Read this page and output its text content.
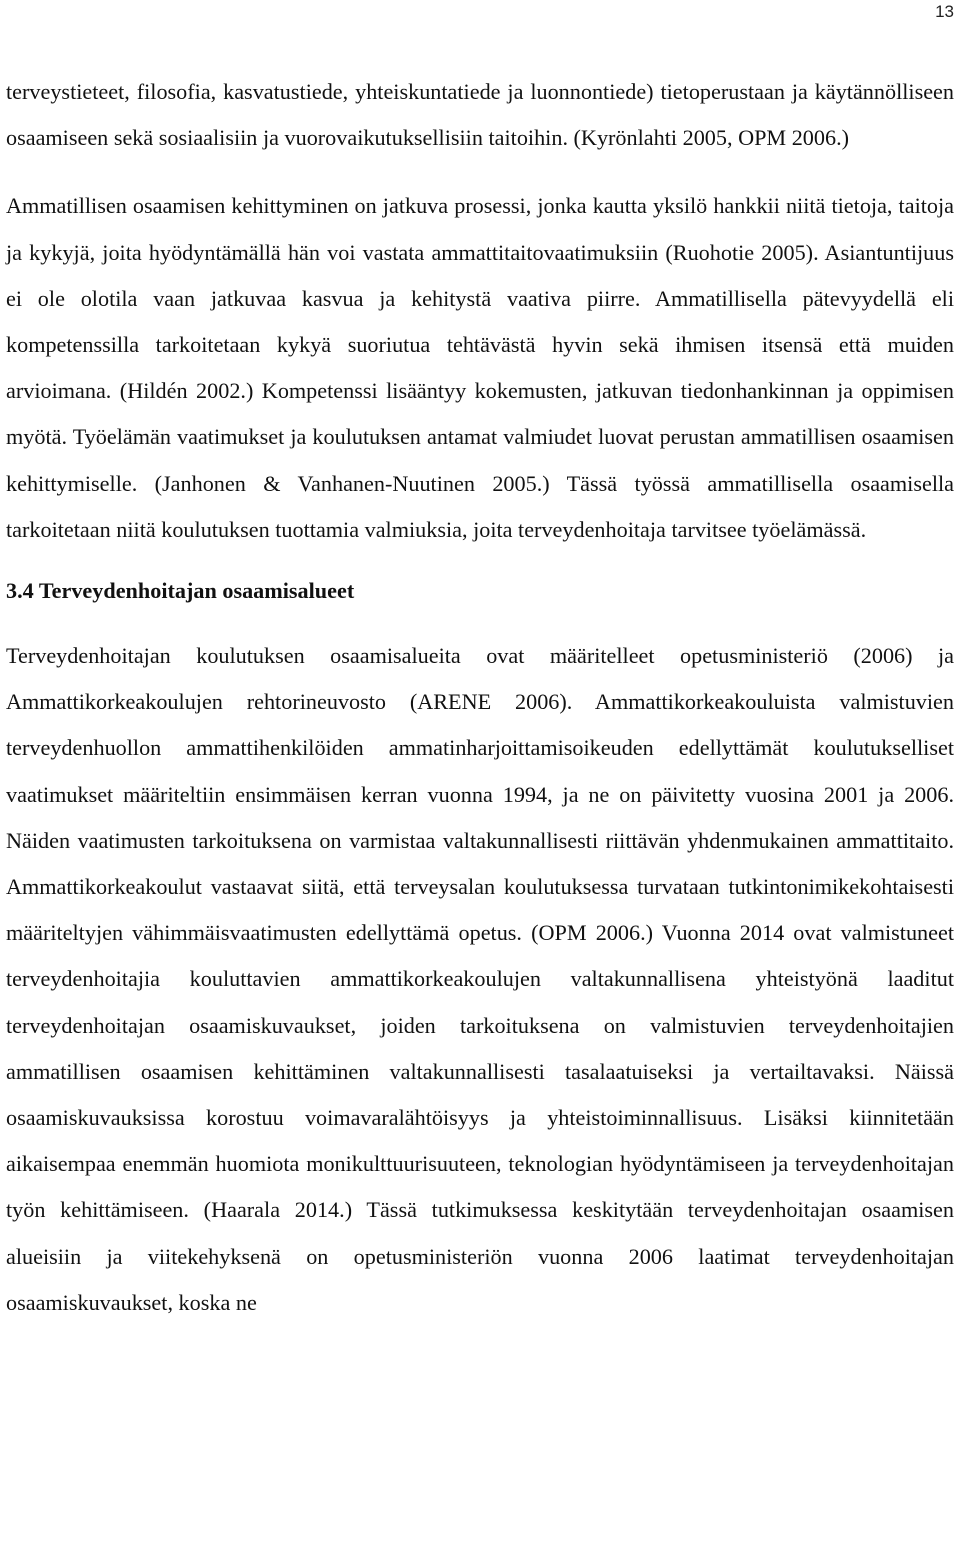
13

terveystieteet, filosofia, kasvatustiede, yhteiskuntatiede ja luonnontiede) tietoperustaan ja käytännölliseen osaamiseen sekä sosiaalisiin ja vuorovaikutuksellisiin taitoihin. (Kyrönlahti 2005, OPM 2006.)

Ammatillisen osaamisen kehittyminen on jatkuva prosessi, jonka kautta yksilö hankkii niitä tietoja, taitoja ja kykyjä, joita hyödyntämällä hän voi vastata ammattitaitovaatimuksiin (Ruohotie 2005). Asiantuntijuus ei ole olotila vaan jatkuvaa kasvua ja kehitystä vaativa piirre. Ammatillisella pätevyydellä eli kompetenssilla tarkoitetaan kykyä suoriutua tehtävästä hyvin sekä ihmisen itsensä että muiden arvioimana. (Hildén 2002.) Kompetenssi lisääntyy kokemusten, jatkuvan tiedonhankinnan ja oppimisen myötä. Työelämän vaatimukset ja koulutuksen antamat valmiudet luovat perustan ammatillisen osaamisen kehittymiselle. (Janhonen & Vanhanen-Nuutinen 2005.) Tässä työssä ammatillisella osaamisella tarkoitetaan niitä koulutuksen tuottamia valmiuksia, joita terveydenhoitaja tarvitsee työelämässä.

3.4 Terveydenhoitajan osaamisalueet

Terveydenhoitajan koulutuksen osaamisalueita ovat määritelleet opetusministeriö (2006) ja Ammattikorkeakoulujen rehtorineuvosto (ARENE 2006). Ammattikorkeakouluista valmistuvien terveydenhuollon ammattihenkilöiden ammatinharjoittamisoikeuden edellyttämät koulutukselliset vaatimukset määriteltiin ensimmäisen kerran vuonna 1994, ja ne on päivitetty vuosina 2001 ja 2006. Näiden vaatimusten tarkoituksena on varmistaa valtakunnallisesti riittävän yhdenmukainen ammattitaito. Ammattikorkeakoulut vastaavat siitä, että terveysalan koulutuksessa turvataan tutkintonimikekohtaisesti määriteltyjen vähimmäisvaatimusten edellyttämä opetus. (OPM 2006.) Vuonna 2014 ovat valmistuneet terveydenhoitajia kouluttavien ammattikorkeakoulujen valtakunnallisena yhteistyönä laaditut terveydenhoitajan osaamiskuvaukset, joiden tarkoituksena on valmistuvien terveydenhoitajien ammatillisen osaamisen kehittäminen valtakunnallisesti tasalaatuiseksi ja vertailtavaksi. Näissä osaamiskuvauksissa korostuu voimavaralähtöisyys ja yhteistoiminnallisuus. Lisäksi kiinnitetään aikaisempaa enemmän huomiota monikulttuurisuuteen, teknologian hyödyntämiseen ja terveydenhoitajan työn kehittämiseen. (Haarala 2014.) Tässä tutkimuksessa keskitytään terveydenhoitajan osaamisen alueisiin ja viitekehyksenä on opetusministeriön vuonna 2006 laatimat terveydenhoitajan osaamiskuvaukset, koska ne
